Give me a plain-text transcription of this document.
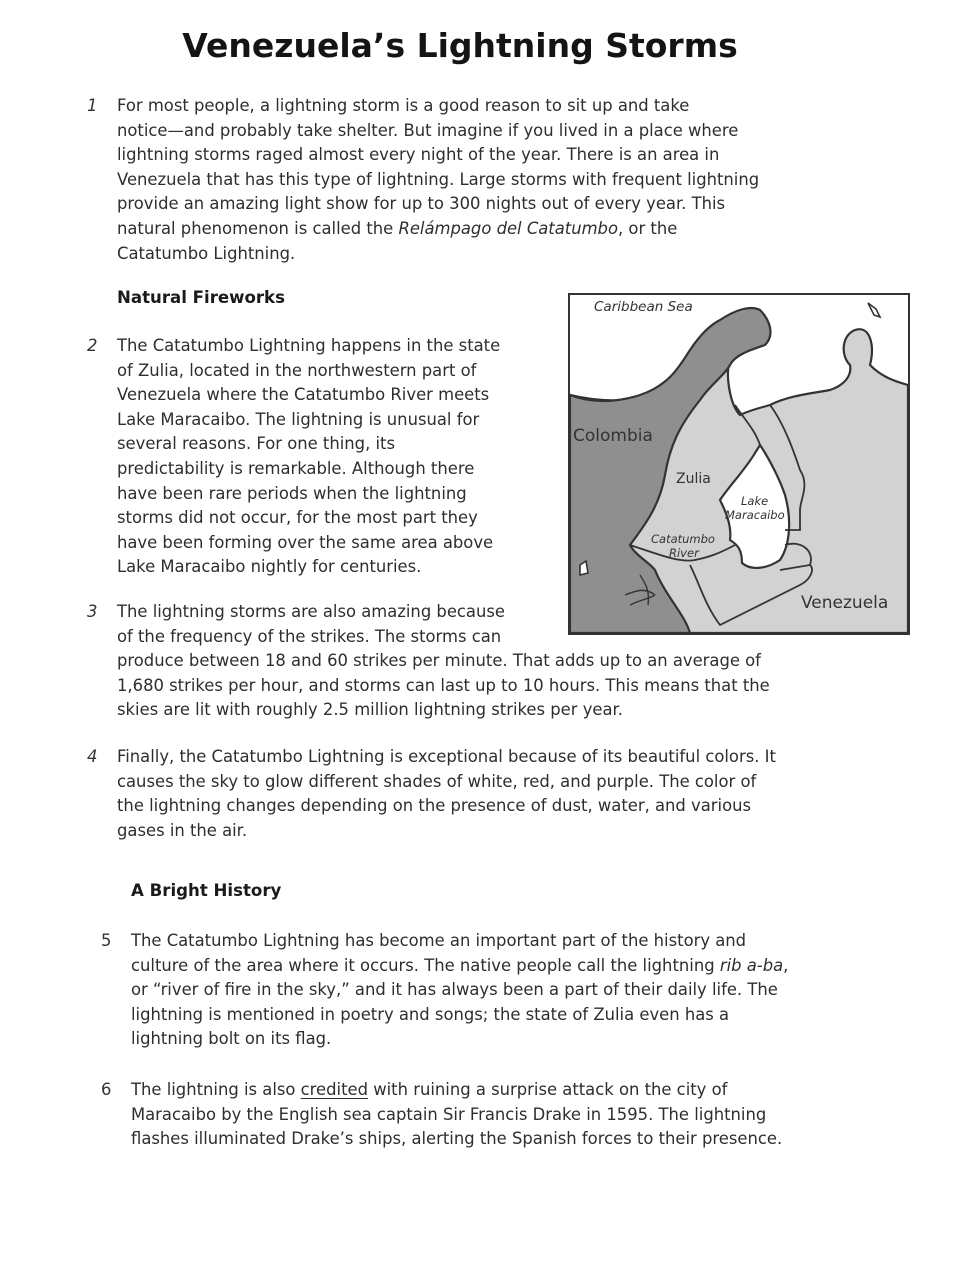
Venezuela’s Lightning Storms
1 For most people, a lightning storm is a good reason to sit up and take
notice—and probably take shelter. But imagine if you lived in a place where
lightning storms raged almost every night of the year. There is an area in
Venezuela that has this type of lightning. Large storms with frequent lightning
provide an amazing light show for up to 300 nights out of every year. This
natural phenomenon is called the Relámpago del Catatumbo, or the
Catatumbo Lightning.
Natural Fireworks
2 The Catatumbo Lightning happens in the state
of Zulia, located in the northwestern part of
Venezuela where the Catatumbo River meets
Lake Maracaibo. The lightning is unusual for
several reasons. For one thing, its
predictability is remarkable. Although there
have been rare periods when the lightning
storms did not occur, for the most part they
have been forming over the same area above
Lake Maracaibo nightly for centuries.
3 The lightning storms are also amazing because
of the frequency of the strikes. The storms can
produce between 18 and 60 strikes per minute. That adds up to an average of
1,680 strikes per hour, and storms can last up to 10 hours. This means that the
skies are lit with roughly 2.5 million lightning strikes per year.
4 Finally, the Catatumbo Lightning is exceptional because of its beautiful colors. It
causes the sky to glow different shades of white, red, and purple. The color of
the lightning changes depending on the presence of dust, water, and various
gases in the air.
A Bright History
5 The Catatumbo Lightning has become an important part of the history and
culture of the area where it occurs. The native people call the lightning rib a-ba,
or “river of fire in the sky,” and it has always been a part of their daily life. The
lightning is mentioned in poetry and songs; the state of Zulia even has a
lightning bolt on its flag.
6 The lightning is also credited with ruining a surprise attack on the city of
Maracaibo by the English sea captain Sir Francis Drake in 1595. The lightning
flashes illuminated Drake’s ships, alerting the Spanish forces to their presence.
Caribbean Sea
Colombia
Zulia
Lake
Maracaibo
Catatumbo
River
Venezuela
